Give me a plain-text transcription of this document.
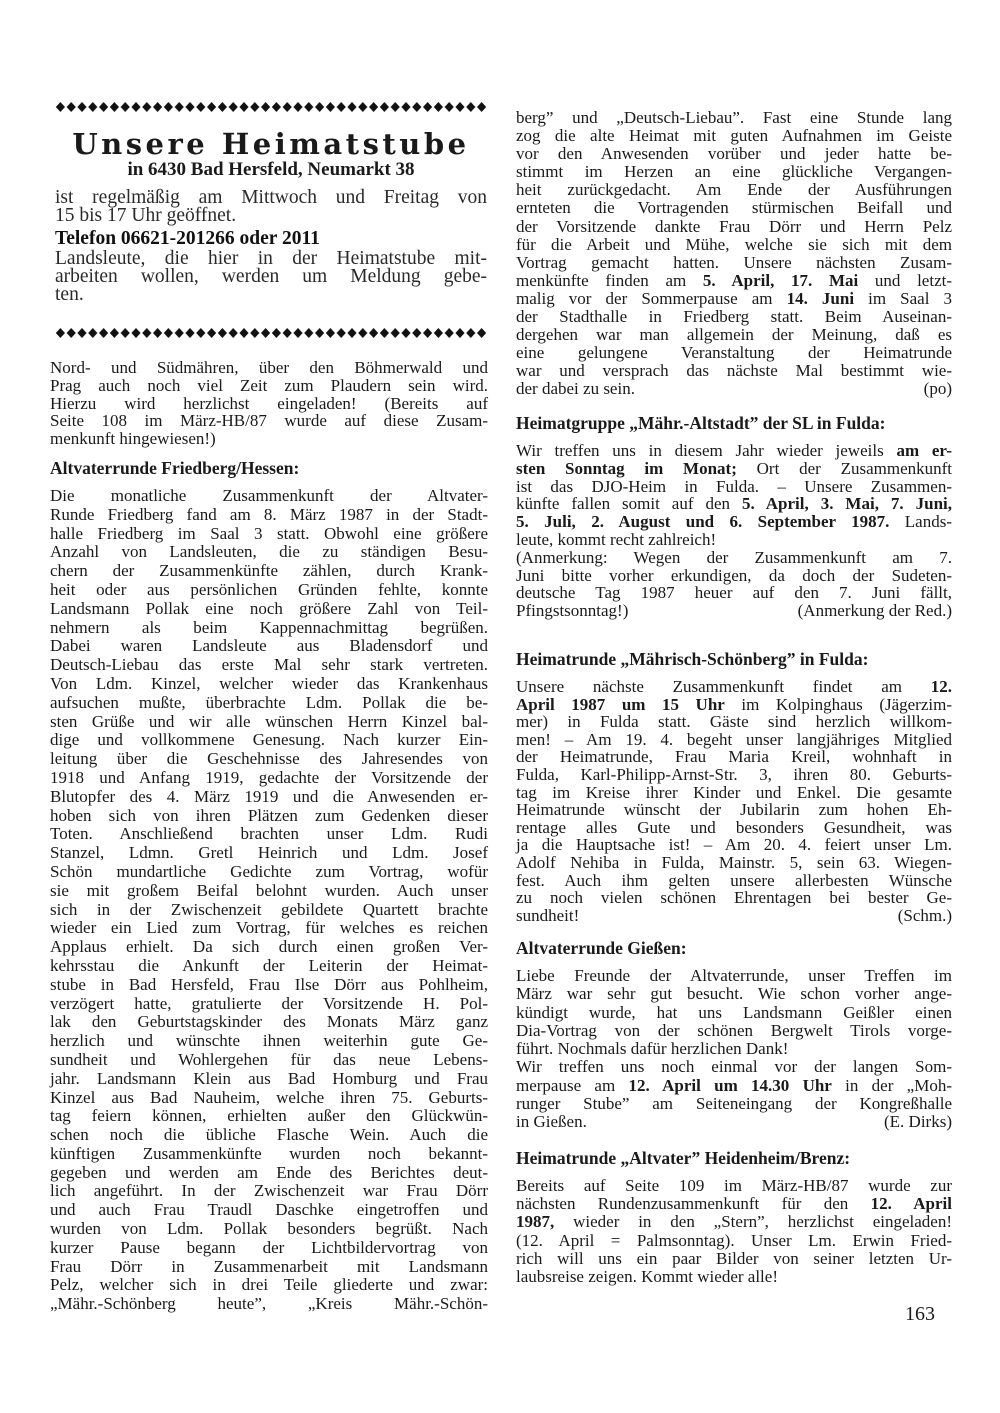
Unsere Heimatstube
in 6430 Bad Hersfeld, Neumarkt 38
ist regelmäßig am Mittwoch und Freitag von
15 bis 17 Uhr geöffnet.
Telefon 06621-201266 oder 2011
Landsleute, die hier in der Heimatstube mit-
arbeiten wollen, werden um Meldung gebe-
ten.
Nord- und Südmähren, über den Böhmerwald und
Prag auch noch viel Zeit zum Plaudern sein wird.
Hierzu wird herzlichst eingeladen! (Bereits auf
Seite 108 im März-HB/87 wurde auf diese Zusam-
menkunft hingewiesen!)
Altvaterrunde Friedberg/Hessen:
Die monatliche Zusammenkunft der Altvater-
Runde Friedberg fand am 8. März 1987 in der Stadt-
halle Friedberg im Saal 3 statt. Obwohl eine größere
Anzahl von Landsleuten, die zu ständigen Besu-
chern der Zusammenkünfte zählen, durch Krank-
heit oder aus persönlichen Gründen fehlte, konnte
Landsmann Pollak eine noch größere Zahl von Teil-
nehmern als beim Kappennachmittag begrüßen.
Dabei waren Landsleute aus Bladensdorf und
Deutsch-Liebau das erste Mal sehr stark vertreten.
Von Ldm. Kinzel, welcher wieder das Krankenhaus
aufsuchen mußte, überbrachte Ldm. Pollak die be-
sten Grüße und wir alle wünschen Herrn Kinzel bal-
dige und vollkommene Genesung. Nach kurzer Ein-
leitung über die Geschehnisse des Jahresendes von
1918 und Anfang 1919, gedachte der Vorsitzende der
Blutopfer des 4. März 1919 und die Anwesenden er-
hoben sich von ihren Plätzen zum Gedenken dieser
Toten. Anschließend brachten unser Ldm. Rudi
Stanzel, Ldmn. Gretl Heinrich und Ldm. Josef
Schön mundartliche Gedichte zum Vortrag, wofür
sie mit großem Beifal belohnt wurden. Auch unser
sich in der Zwischenzeit gebildete Quartett brachte
wieder ein Lied zum Vortrag, für welches es reichen
Applaus erhielt. Da sich durch einen großen Ver-
kehrsstau die Ankunft der Leiterin der Heimat-
stube in Bad Hersfeld, Frau Ilse Dörr aus Pohlheim,
verzögert hatte, gratulierte der Vorsitzende H. Pol-
lak den Geburtstagskinder des Monats März ganz
herzlich und wünschte ihnen weiterhin gute Ge-
sundheit und Wohlergehen für das neue Lebens-
jahr. Landsmann Klein aus Bad Homburg und Frau
Kinzel aus Bad Nauheim, welche ihren 75. Geburts-
tag feiern können, erhielten außer den Glückwün-
schen noch die übliche Flasche Wein. Auch die
künftigen Zusammenkünfte wurden noch bekannt-
gegeben und werden am Ende des Berichtes deut-
lich angeführt. In der Zwischenzeit war Frau Dörr
und auch Frau Traudl Daschke eingetroffen und
wurden von Ldm. Pollak besonders begrüßt. Nach
kurzer Pause begann der Lichtbildervortrag von
Frau Dörr in Zusammenarbeit mit Landsmann
Pelz, welcher sich in drei Teile gliederte und zwar:
„Mähr.-Schönberg heute”, „Kreis Mähr.-Schön-
berg” und „Deutsch-Liebau”. Fast eine Stunde lang
zog die alte Heimat mit guten Aufnahmen im Geiste
vor den Anwesenden vorüber und jeder hatte be-
stimmt im Herzen an eine glückliche Vergangen-
heit zurückgedacht. Am Ende der Ausführungen
ernteten die Vortragenden stürmischen Beifall und
der Vorsitzende dankte Frau Dörr und Herrn Pelz
für die Arbeit und Mühe, welche sie sich mit dem
Vortrag gemacht hatten. Unsere nächsten Zusam-
menkünfte finden am 5. April, 17. Mai und letzt-
malig vor der Sommerpause am 14. Juni im Saal 3
der Stadthalle in Friedberg statt. Beim Auseinan-
dergehen war man allgemein der Meinung, daß es
eine gelungene Veranstaltung der Heimatrunde
war und versprach das nächste Mal bestimmt wie-
der dabei zu sein.	(po)
Heimatgruppe „Mähr.-Altstadt” der SL in Fulda:
Wir treffen uns in diesem Jahr wieder jeweils am er-
sten Sonntag im Monat; Ort der Zusammenkunft
ist das DJO-Heim in Fulda. – Unsere Zusammen-
künfte fallen somit auf den 5. April, 3. Mai, 7. Juni,
5. Juli, 2. August und 6. September 1987. Lands-
leute, kommt recht zahlreich!
(Anmerkung: Wegen der Zusammenkunft am 7.
Juni bitte vorher erkundigen, da doch der Sudeten-
deutsche Tag 1987 heuer auf den 7. Juni fällt,
Pfingstsonntag!)	(Anmerkung der Red.)
Heimatrunde „Mährisch-Schönberg” in Fulda:
Unsere nächste Zusammenkunft findet am 12.
April 1987 um 15 Uhr im Kolpinghaus (Jägerzim-
mer) in Fulda statt. Gäste sind herzlich willkom-
men! – Am 19. 4. begeht unser langjähriges Mitglied
der Heimatrunde, Frau Maria Kreil, wohnhaft in
Fulda, Karl-Philipp-Arnst-Str. 3, ihren 80. Geburts-
tag im Kreise ihrer Kinder und Enkel. Die gesamte
Heimatrunde wünscht der Jubilarin zum hohen Eh-
rentage alles Gute und besonders Gesundheit, was
ja die Hauptsache ist! – Am 20. 4. feiert unser Lm.
Adolf Nehiba in Fulda, Mainstr. 5, sein 63. Wiegen-
fest. Auch ihm gelten unsere allerbesten Wünsche
zu noch vielen schönen Ehrentagen bei bester Ge-
sundheit!	(Schm.)
Altvaterrunde Gießen:
Liebe Freunde der Altvaterrunde, unser Treffen im
März war sehr gut besucht. Wie schon vorher ange-
kündigt wurde, hat uns Landsmann Geißler einen
Dia-Vortrag von der schönen Bergwelt Tirols vorge-
führt. Nochmals dafür herzlichen Dank!
Wir treffen uns noch einmal vor der langen Som-
merpause am 12. April um 14.30 Uhr in der „Moh-
runger Stube” am Seiteneingang der Kongreßhalle
in Gießen.	(E. Dirks)
Heimatrunde „Altvater” Heidenheim/Brenz:
Bereits auf Seite 109 im März-HB/87 wurde zur
nächsten Rundenzusammenkunft für den 12. April
1987, wieder in den „Stern”, herzlichst eingeladen!
(12. April = Palmsonntag). Unser Lm. Erwin Fried-
rich will uns ein paar Bilder von seiner letzten Ur-
laubsreise zeigen. Kommt wieder alle!
163
